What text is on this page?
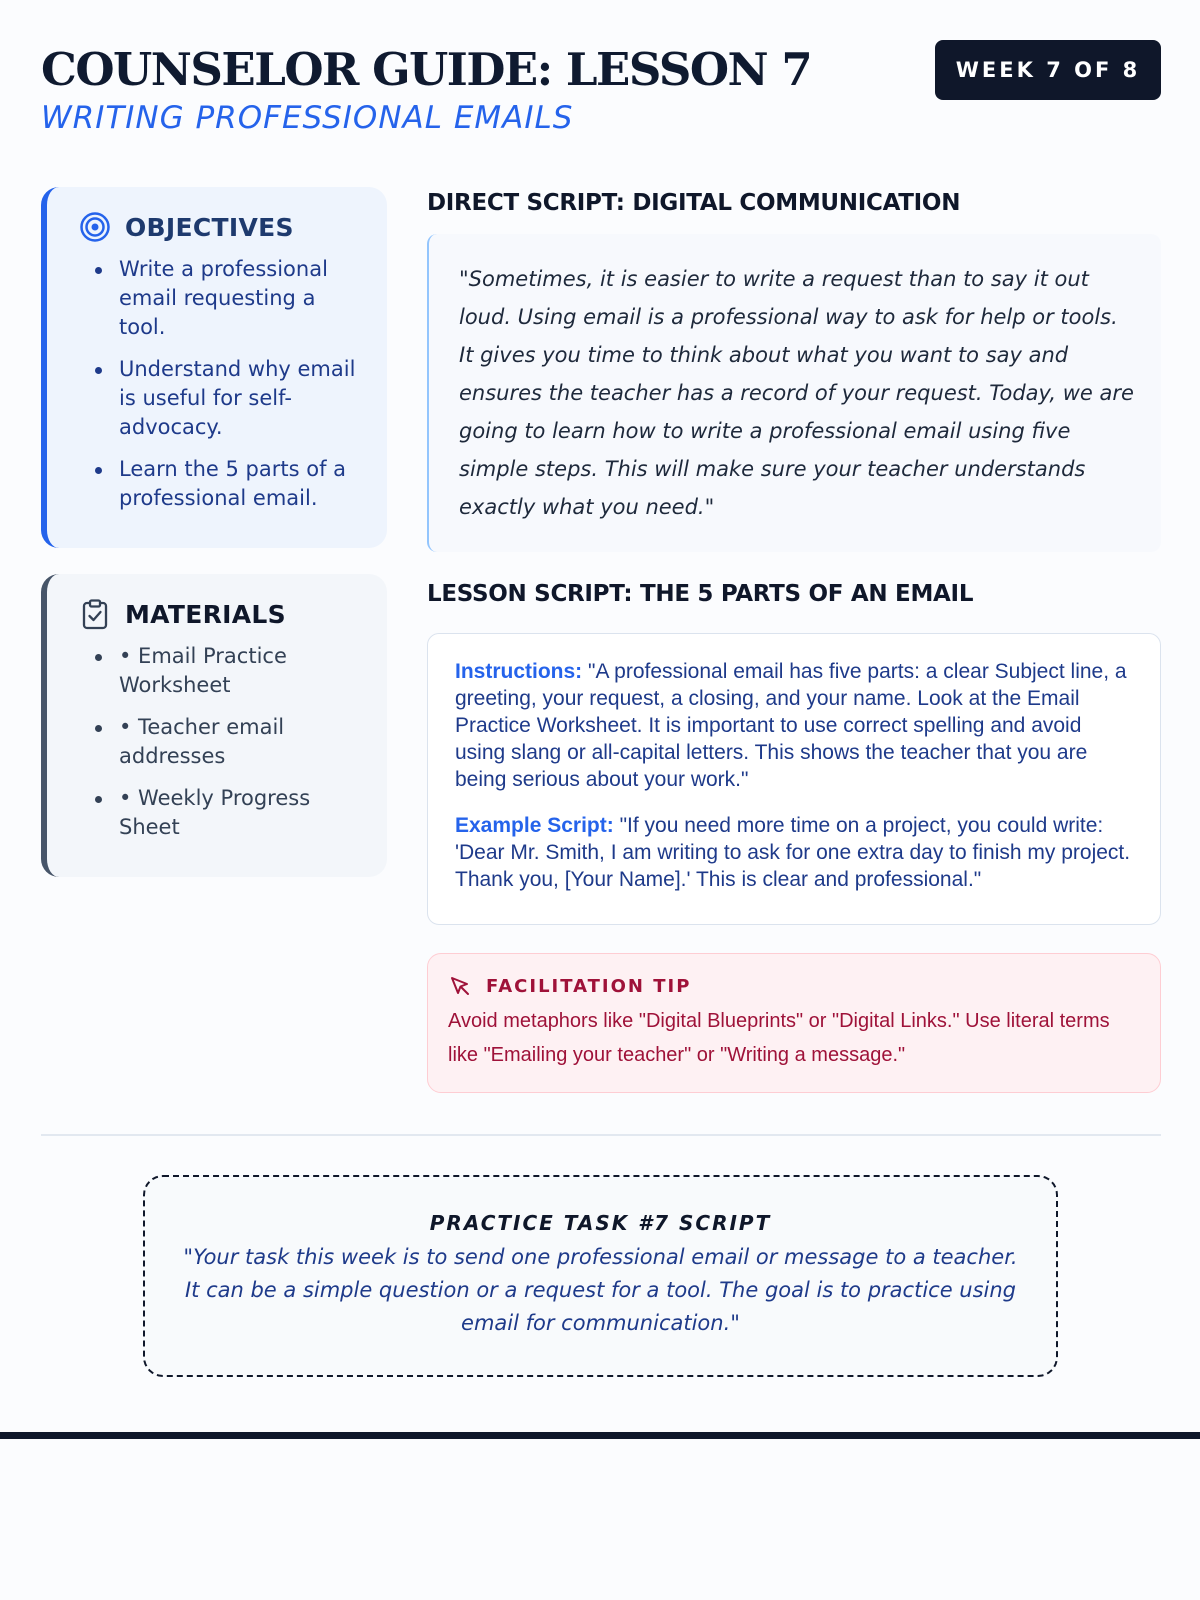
COUNSELOR GUIDE: LESSON 7
WRITING PROFESSIONAL EMAILS
WEEK 7 OF 8
OBJECTIVES
Write a professional email requesting a tool.
Understand why email is useful for self-advocacy.
Learn the 5 parts of a professional email.
MATERIALS
• Email Practice Worksheet
• Teacher email addresses
• Weekly Progress Sheet
DIRECT SCRIPT: DIGITAL COMMUNICATION

"Sometimes, it is easier to write a request than to say it out loud. Using email is a professional way to ask for help or tools. It gives you time to think about what you want to say and ensures the teacher has a record of your request. Today, we are going to learn how to write a professional email using five simple steps. This will make sure your teacher understands exactly what you need."

LESSON SCRIPT: THE 5 PARTS OF AN EMAIL

Instructions: "A professional email has five parts: a clear Subject line, a greeting, your request, a closing, and your name. Look at the Email Practice Worksheet. It is important to use correct spelling and avoid using slang or all-capital letters. This shows the teacher that you are being serious about your work."

Example Script: "If you need more time on a project, you could write: 'Dear Mr. Smith, I am writing to ask for one extra day to finish my project. Thank you, [Your Name].' This is clear and professional."

FACILITATION TIP

Avoid metaphors like "Digital Blueprints" or "Digital Links." Use literal terms like "Emailing your teacher" or "Writing a message."

PRACTICE TASK #7 SCRIPT

"Your task this week is to send one professional email or message to a teacher. It can be a simple question or a request for a tool. The goal is to practice using email for communication."
